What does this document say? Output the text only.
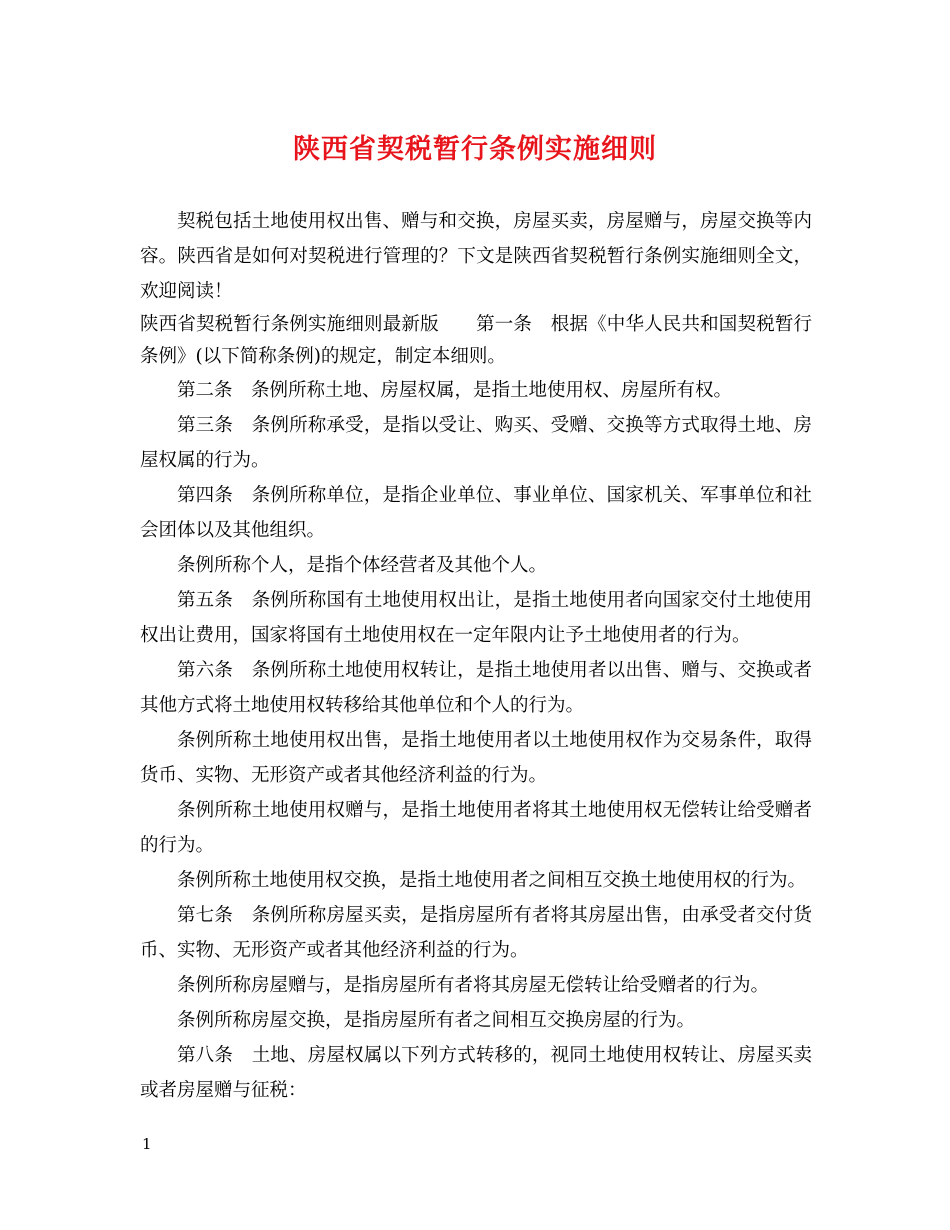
陕西省契税暂行条例实施细则

契税包括土地使用权出售、赠与和交换，房屋买卖，房屋赠与，房屋交换等内容。陕西省是如何对契税进行管理的？下文是陕西省契税暂行条例实施细则全文，欢迎阅读！

陕西省契税暂行条例实施细则最新版　　第一条　根据《中华人民共和国契税暂行条例》(以下简称条例)的规定，制定本细则。

第二条　条例所称土地、房屋权属，是指土地使用权、房屋所有权。

第三条　条例所称承受，是指以受让、购买、受赠、交换等方式取得土地、房屋权属的行为。

第四条　条例所称单位，是指企业单位、事业单位、国家机关、军事单位和社会团体以及其他组织。

条例所称个人，是指个体经营者及其他个人。

第五条　条例所称国有土地使用权出让，是指土地使用者向国家交付土地使用权出让费用，国家将国有土地使用权在一定年限内让予土地使用者的行为。

第六条　条例所称土地使用权转让，是指土地使用者以出售、赠与、交换或者其他方式将土地使用权转移给其他单位和个人的行为。

条例所称土地使用权出售，是指土地使用者以土地使用权作为交易条件，取得货币、实物、无形资产或者其他经济利益的行为。

条例所称土地使用权赠与，是指土地使用者将其土地使用权无偿转让给受赠者的行为。

条例所称土地使用权交换，是指土地使用者之间相互交换土地使用权的行为。

第七条　条例所称房屋买卖，是指房屋所有者将其房屋出售，由承受者交付货币、实物、无形资产或者其他经济利益的行为。

条例所称房屋赠与，是指房屋所有者将其房屋无偿转让给受赠者的行为。

条例所称房屋交换，是指房屋所有者之间相互交换房屋的行为。

第八条　土地、房屋权属以下列方式转移的，视同土地使用权转让、房屋买卖或者房屋赠与征税：

1
